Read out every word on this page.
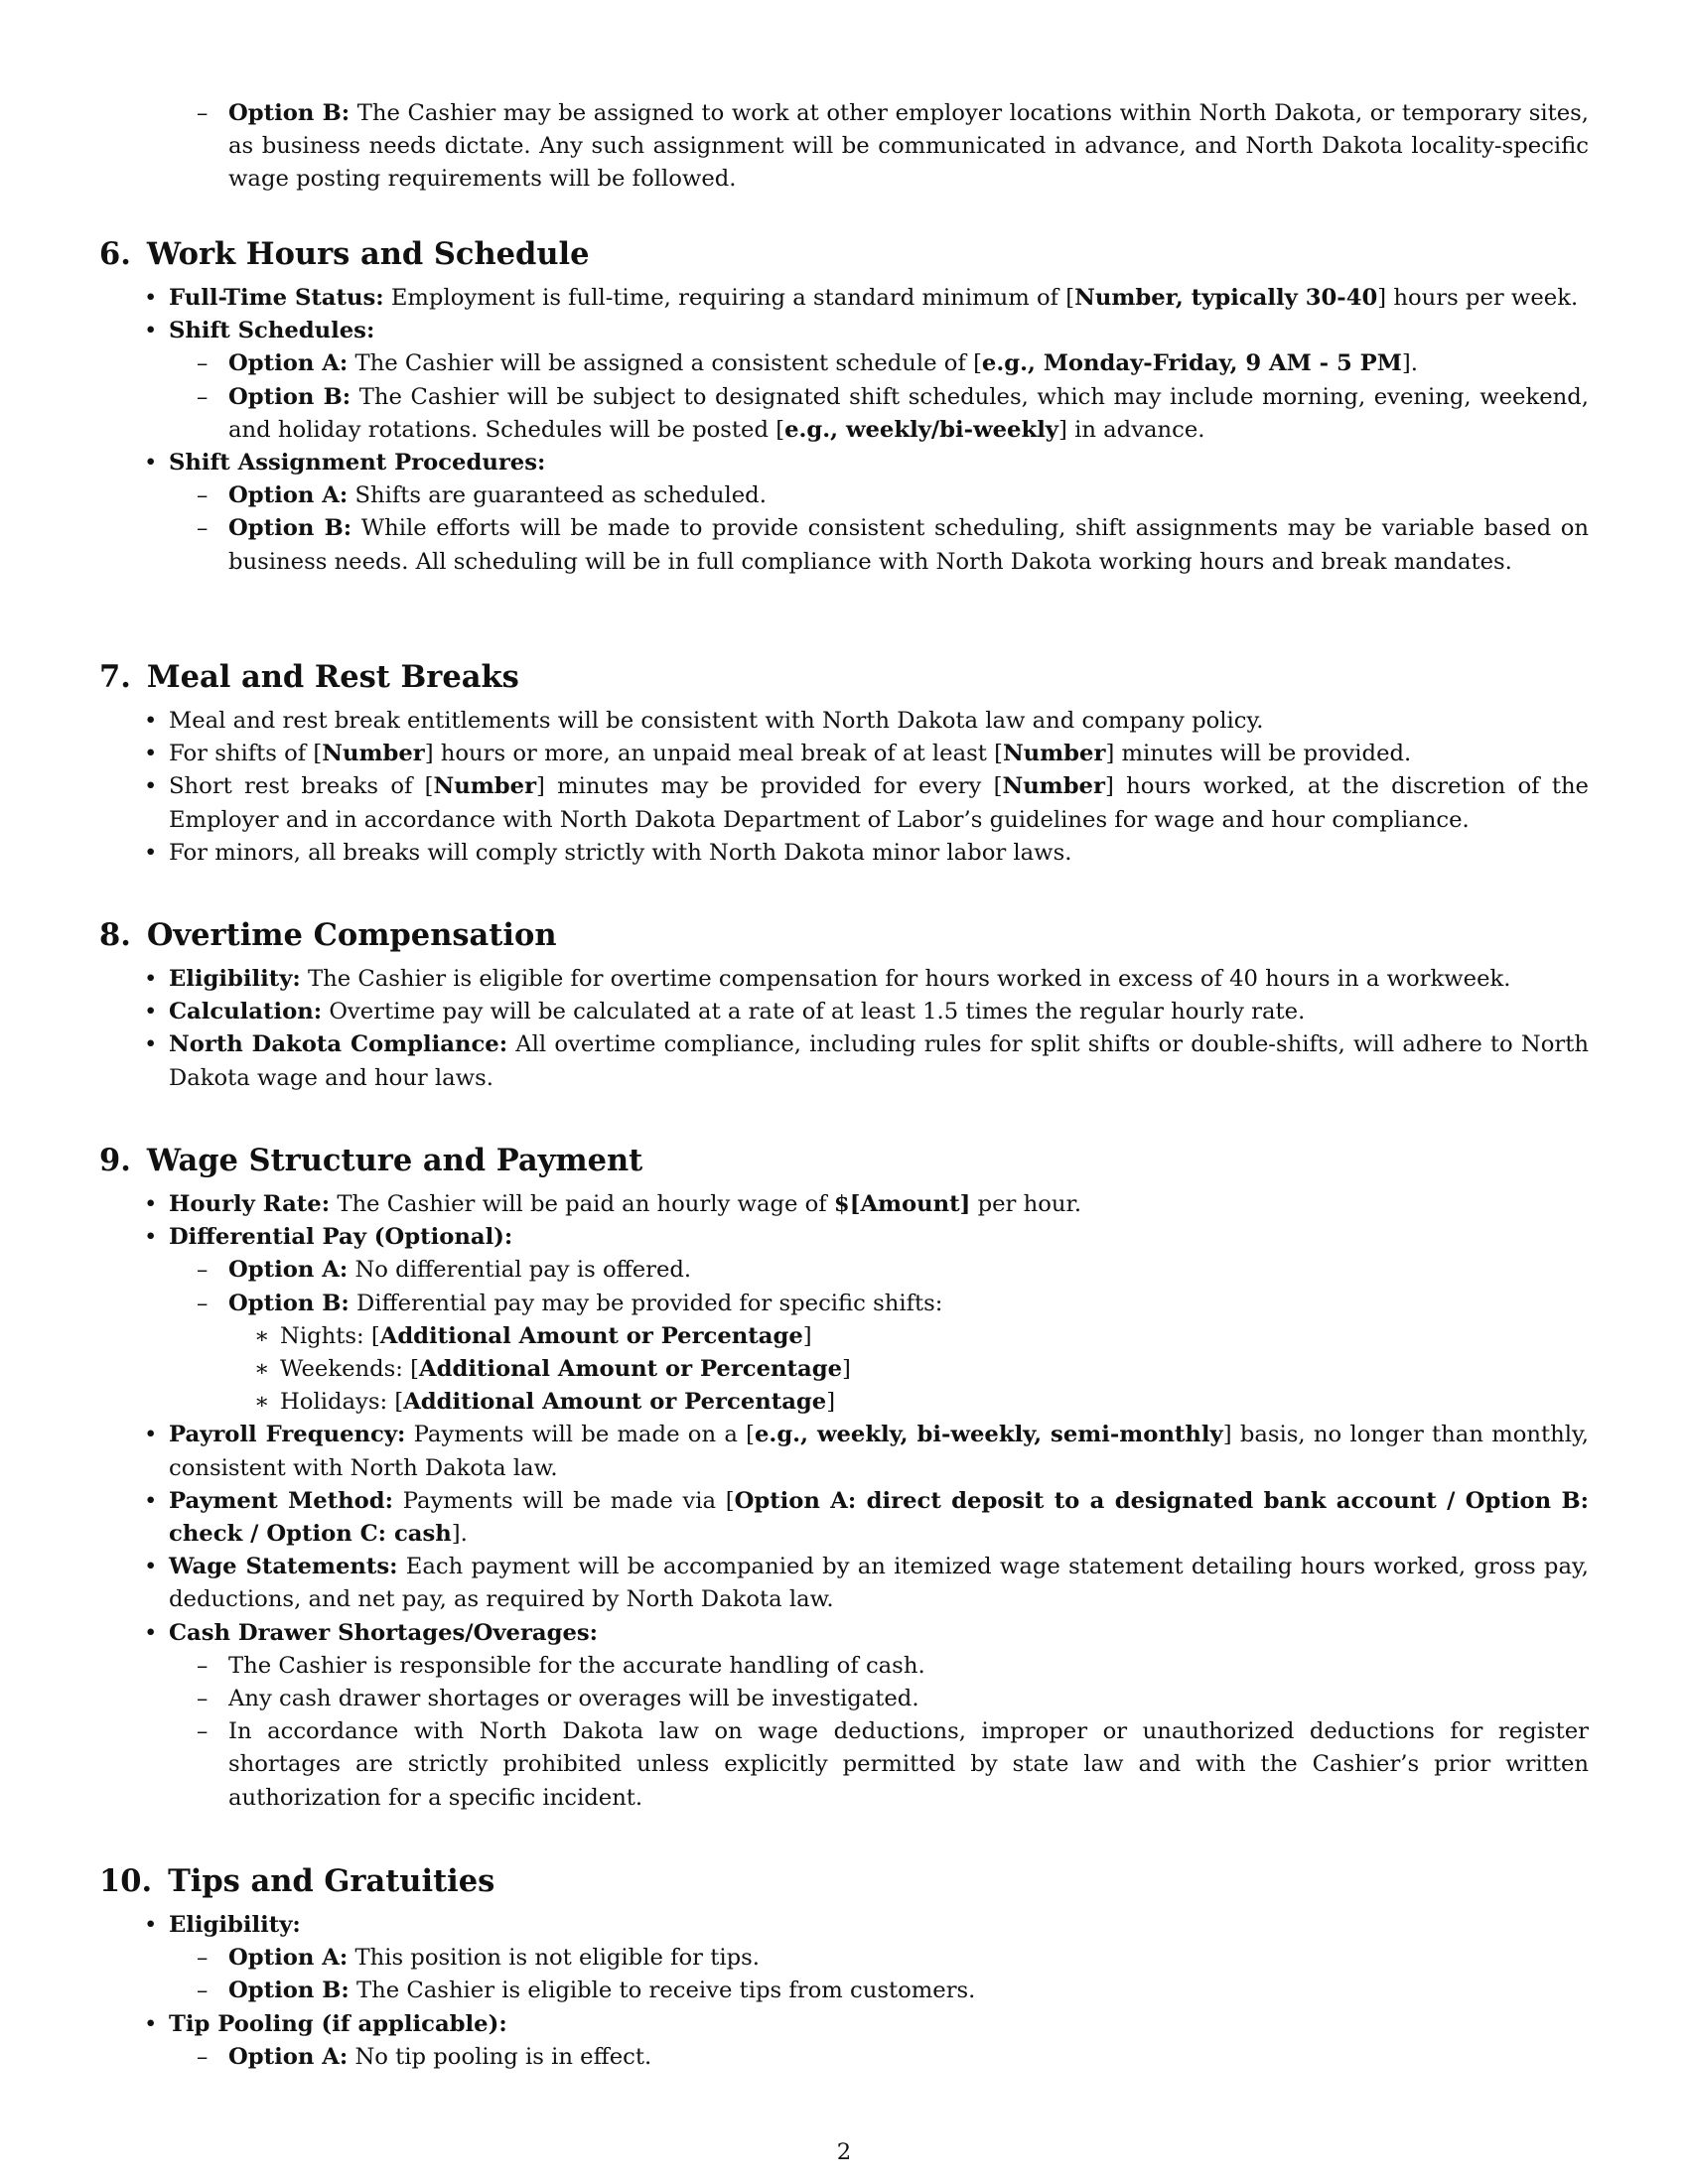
– Option B: The Cashier may be assigned to work at other employer locations within North Dakota, or temporary sites, as business needs dictate. Any such assignment will be communicated in advance, and North Dakota locality-specific wage posting requirements will be followed.
6. Work Hours and Schedule
• Full-Time Status: Employment is full-time, requiring a standard minimum of [Number, typically 30-40] hours per week.
• Shift Schedules:
– Option A: The Cashier will be assigned a consistent schedule of [e.g., Monday-Friday, 9 AM - 5 PM].
– Option B: The Cashier will be subject to designated shift schedules, which may include morning, evening, weekend, and holiday rotations. Schedules will be posted [e.g., weekly/bi-weekly] in advance.
• Shift Assignment Procedures:
– Option A: Shifts are guaranteed as scheduled.
– Option B: While efforts will be made to provide consistent scheduling, shift assignments may be variable based on business needs. All scheduling will be in full compliance with North Dakota working hours and break mandates.
7. Meal and Rest Breaks
• Meal and rest break entitlements will be consistent with North Dakota law and company policy.
• For shifts of [Number] hours or more, an unpaid meal break of at least [Number] minutes will be provided.
• Short rest breaks of [Number] minutes may be provided for every [Number] hours worked, at the discretion of the Employer and in accordance with North Dakota Department of Labor’s guidelines for wage and hour compliance.
• For minors, all breaks will comply strictly with North Dakota minor labor laws.
8. Overtime Compensation
• Eligibility: The Cashier is eligible for overtime compensation for hours worked in excess of 40 hours in a workweek.
• Calculation: Overtime pay will be calculated at a rate of at least 1.5 times the regular hourly rate.
• North Dakota Compliance: All overtime compliance, including rules for split shifts or double-shifts, will adhere to North Dakota wage and hour laws.
9. Wage Structure and Payment
• Hourly Rate: The Cashier will be paid an hourly wage of $[Amount] per hour.
• Differential Pay (Optional):
– Option A: No differential pay is offered.
– Option B: Differential pay may be provided for specific shifts:
∗ Nights: [Additional Amount or Percentage]
∗ Weekends: [Additional Amount or Percentage]
∗ Holidays: [Additional Amount or Percentage]
• Payroll Frequency: Payments will be made on a [e.g., weekly, bi-weekly, semi-monthly] basis, no longer than monthly, consistent with North Dakota law.
• Payment Method: Payments will be made via [Option A: direct deposit to a designated bank account / Option B: check / Option C: cash].
• Wage Statements: Each payment will be accompanied by an itemized wage statement detailing hours worked, gross pay, deductions, and net pay, as required by North Dakota law.
• Cash Drawer Shortages/Overages:
– The Cashier is responsible for the accurate handling of cash.
– Any cash drawer shortages or overages will be investigated.
– In accordance with North Dakota law on wage deductions, improper or unauthorized deductions for register shortages are strictly prohibited unless explicitly permitted by state law and with the Cashier’s prior written authorization for a specific incident.
10. Tips and Gratuities
• Eligibility:
– Option A: This position is not eligible for tips.
– Option B: The Cashier is eligible to receive tips from customers.
• Tip Pooling (if applicable):
– Option A: No tip pooling is in effect.
2
